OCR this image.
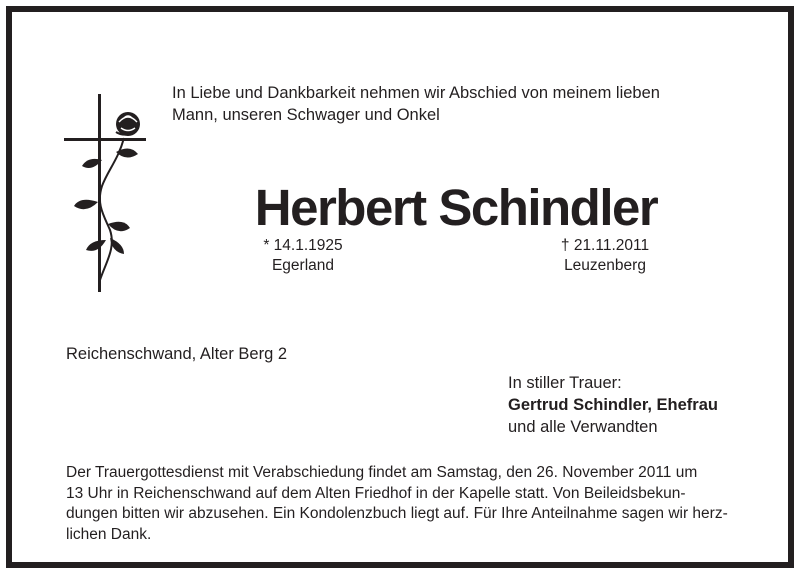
In Liebe und Dankbarkeit nehmen wir Abschied von meinem lieben
Mann, unseren Schwager und Onkel

Herbert Schindler
* 14.1.1925
Egerland
† 21.11.2011
Leuzenberg
Reichenschwand, Alter Berg 2
In stiller Trauer:
Gertrud Schindler, Ehefrau
und alle Verwandten

Der Trauergottesdienst mit Verabschiedung findet am Samstag, den 26. November 2011 um
13 Uhr in Reichenschwand auf dem Alten Friedhof in der Kapelle statt. Von Beileidsbekun-
dungen bitten wir abzusehen. Ein Kondolenzbuch liegt auf. Für Ihre Anteilnahme sagen wir herz-
lichen Dank.
